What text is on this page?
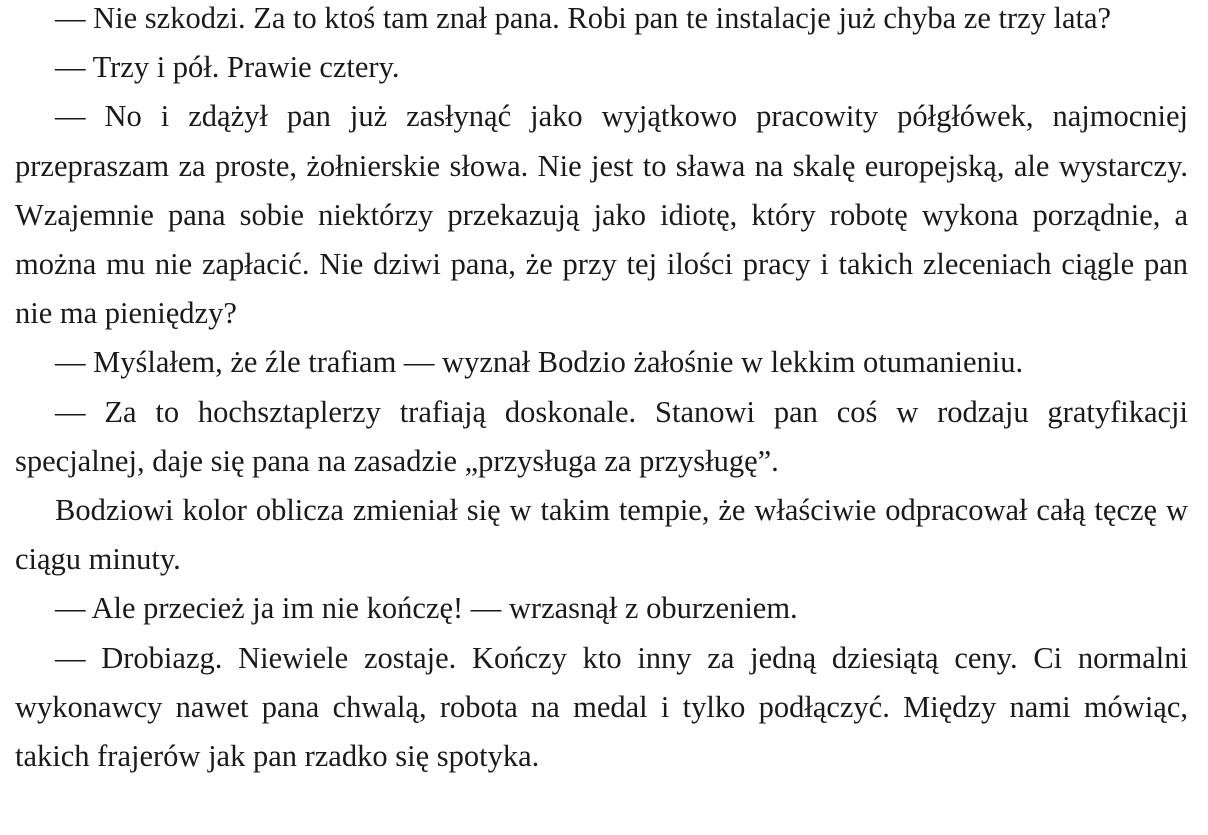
— Nie szkodzi. Za to ktoś tam znał pana. Robi pan te instalacje już chyba ze trzy lata?

— Trzy i pół. Prawie cztery.

— No i zdążył pan już zasłynąć jako wyjątkowo pracowity półgłówek, najmocniej przepraszam za proste, żołnierskie słowa. Nie jest to sława na skalę europejską, ale wystarczy. Wzajemnie pana sobie niektórzy przekazują jako idiotę, który robotę wykona porządnie, a można mu nie zapłacić. Nie dziwi pana, że przy tej ilości pracy i takich zleceniach ciągle pan nie ma pieniędzy?

— Myślałem, że źle trafiam — wyznał Bodzio żałośnie w lekkim otumanieniu.

— Za to hochsztaplerzy trafiają doskonale. Stanowi pan coś w rodzaju gratyfikacji specjalnej, daje się pana na zasadzie „przysługa za przysługę”.

Bodziowi kolor oblicza zmieniał się w takim tempie, że właściwie odpracował całą tęczę w ciągu minuty.

— Ale przecież ja im nie kończę! — wrzasnął z oburzeniem.

— Drobiazg. Niewiele zostaje. Kończy kto inny za jedną dziesiątą ceny. Ci normalni wykonawcy nawet pana chwalą, robota na medal i tylko podłączyć. Między nami mówiąc, takich frajerów jak pan rzadko się spotyka.
